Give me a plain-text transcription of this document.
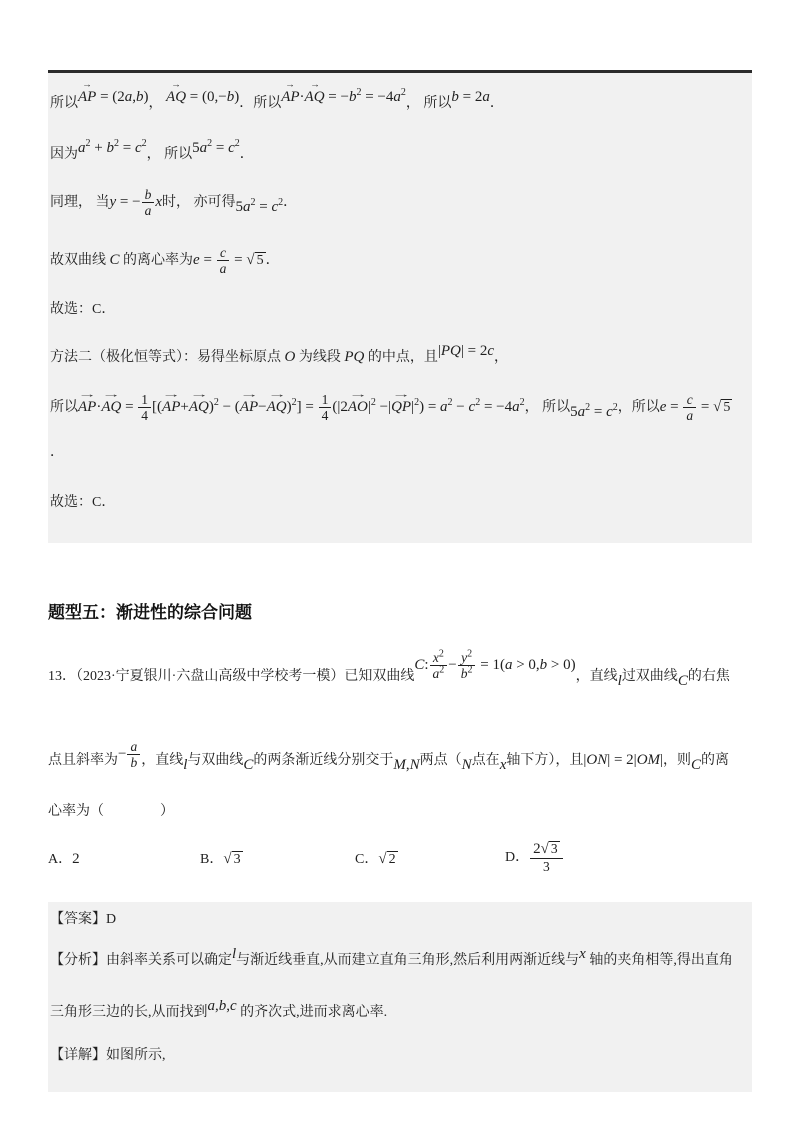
所以AP → = (2a,b)， AQ → = (0,−b)．所以AP →·AQ → = $-b^2 = -4a^2$， 所以b = 2a．

因为$a^2 + b^2 = c^2$， 所以$5a^2 = c^2$．

同理， 当y = − $\frac{b}{a}$ x时， 亦可得$5a^2 = c^2$．

故双曲线 C 的离心率为$e = \frac{c}{a}$ = √ 5 ．

故选：C．

方法二（极化恒等式）：易得坐标原点 O 为线段 PQ 的中点，且|PQ| = 2c，

所以AP →·AQ → = $\frac{1}{4} [(AP \to+AQ \to)^2 - (AP \to-AQ \to)^2] = \frac{1}{4} (|2AO \to|^2 -|QP \to|^2) = a^2 - c^2 = -4a^2$， 所以$5a^2 = c^2$，所以$e = \frac{c}{a}$ = √ 5
．

故选：C．

题型五：渐进性的综合问题

13．（2023·宁夏银川·六盘山高级中学校考一模）已知双曲线C: $\frac{x^2}{a^2} - \frac{y^2}{b^2} = 1(a > 0,b > 0)$，直线l过双曲线C的右焦

点且斜率为− $\frac{a}{b}$ ，直线l与双曲线C的两条渐近线分别交于M,N两点（N点在x轴下方），且|ON| = 2|OM|，则C的离

心率为（　　　　）

A．2	B． √ 3	C． √ 2	D． $\frac{2 √ 3}{3}$

【答案】D

【分析】由斜率关系可以确定l与渐近线垂直,从而建立直角三角形,然后利用两渐近线与x 轴的夹角相等,得出直角

三角形三边的长,从而找到a,b,c 的齐次式,进而求离心率.

【详解】如图所示,
